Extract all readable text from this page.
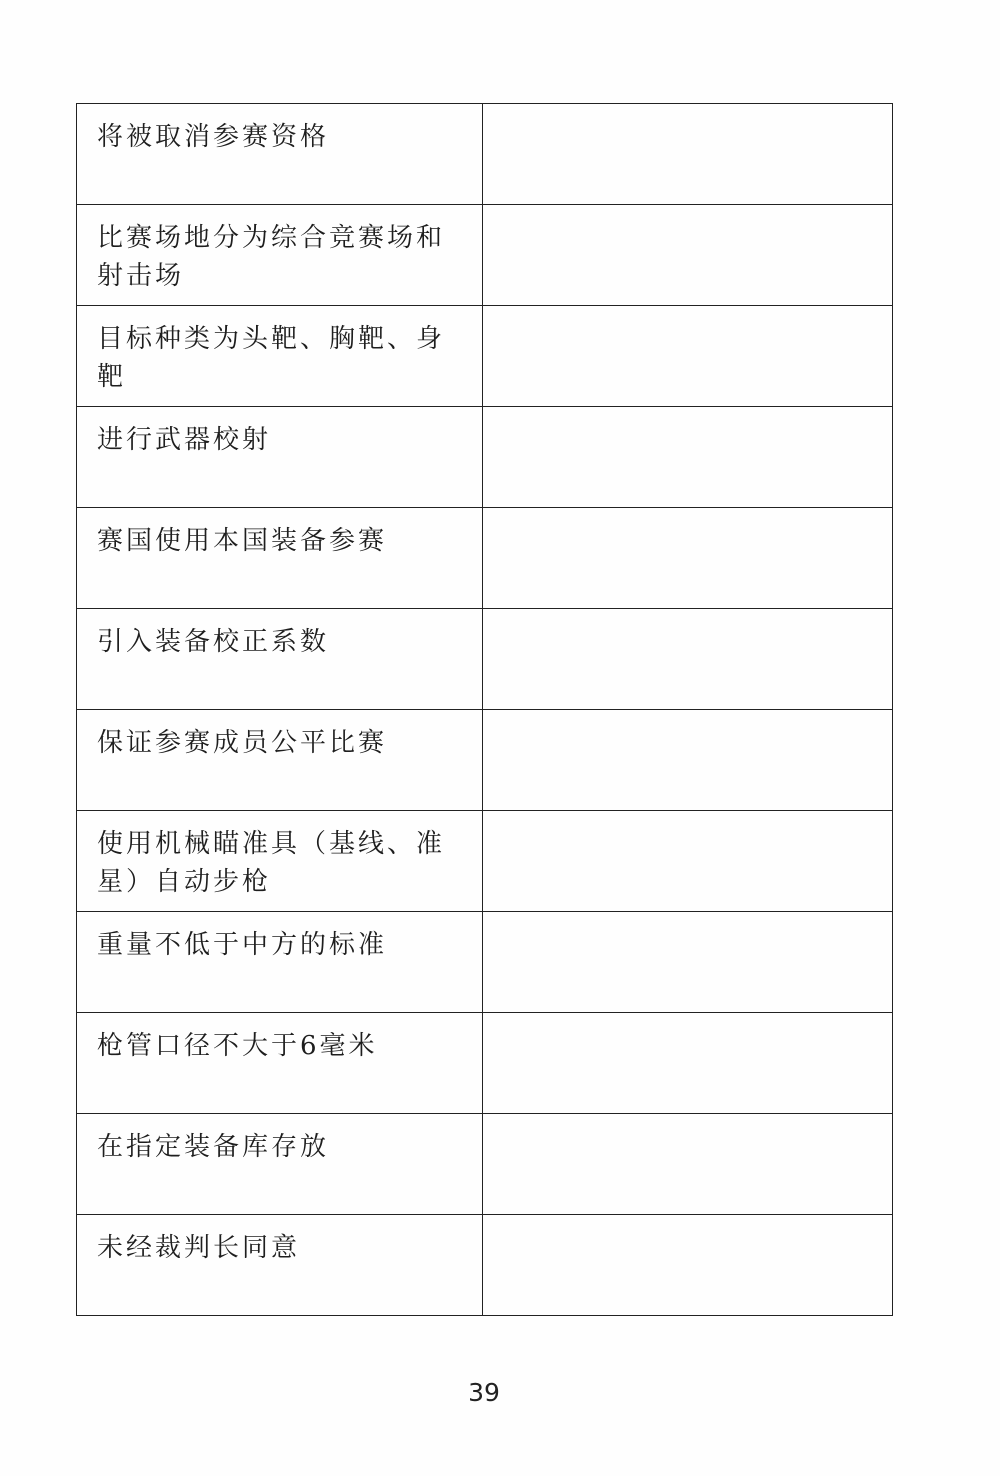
将被取消参赛资格	

比赛场地分为综合竞赛场和射击场	

目标种类为头靶、胸靶、身靶	

进行武器校射	

赛国使用本国装备参赛	

引入装备校正系数	

保证参赛成员公平比赛	

使用机械瞄准具（基线、准星）自动步枪	

重量不低于中方的标准	

枪管口径不大于6毫米	

在指定装备库存放	

未经裁判长同意	

39
